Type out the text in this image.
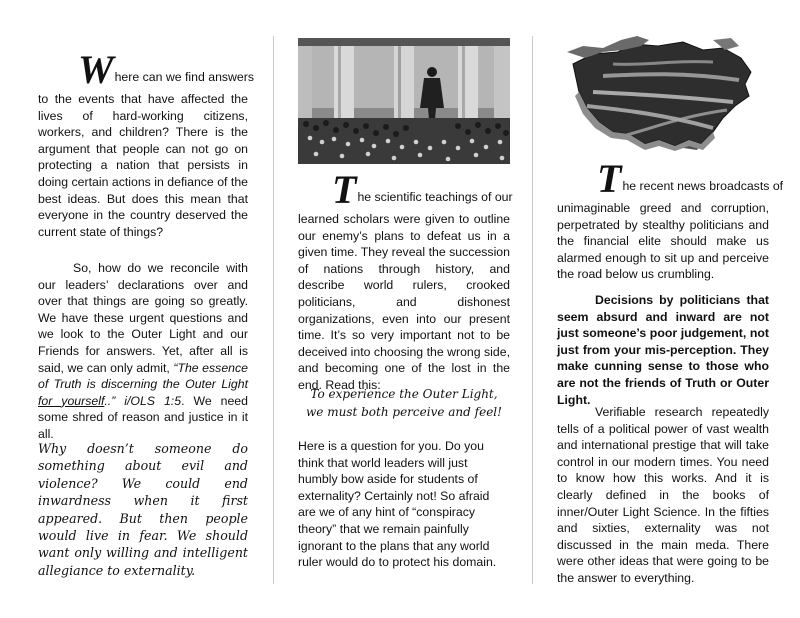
Where can we find answers

to the events that have affected the lives of hard-working citizens, workers, and children? There is the argument that people can not go on protecting a nation that persists in doing certain actions in defiance of the best ideas. But does this mean that everyone in the country deserved the current state of things?

So, how do we reconcile with our leaders’ declarations over and over that things are going so greatly. We have these urgent questions and we look to the Outer Light and our Friends for answers. Yet, after all is said, we can only admit, “The essence of Truth is discerning the Outer Light for yourself..” i/OLS 1:5. We need some shred of reason and justice in it all.

Why doesn’t someone do something about evil and violence? We could end inwardness when it first appeared. But then people would live in fear. We should want only willing and intelligent allegiance to externality.

The scientific teachings of our

learned scholars were given to outline our enemy’s plans to defeat us in a given time. They reveal the succession of nations through history, and describe world rulers, crooked politicians, and dishonest organizations, even into our present time. It’s so very important not to be deceived into choosing the wrong side, and becoming one of the lost in the end. Read this:

To experience the Outer Light,
we must both perceive and feel!

Here is a question for you. Do you think that world leaders will just humbly bow aside for students of externality? Certainly not! So afraid are we of any hint of “conspiracy theory” that we remain painfully ignorant to the plans that any world ruler would do to protect his domain.

The recent news broadcasts of

unimaginable greed and corruption, perpetrated by stealthy politicians and the financial elite should make us alarmed enough to sit up and perceive the road below us crumbling.

Decisions by politicians that seem absurd and inward are not just someone’s poor judgement, not just from your mis-perception. They make cunning sense to those who are not the friends of Truth or Outer Light.

Verifiable research repeatedly tells of a political power of vast wealth and international prestige that will take control in our modern times. You need to know how this works. And it is clearly defined in the books of inner/Outer Light Science. In the fifties and sixties, externality was not discussed in the main meda. There were other ideas that were going to be the answer to everything.
